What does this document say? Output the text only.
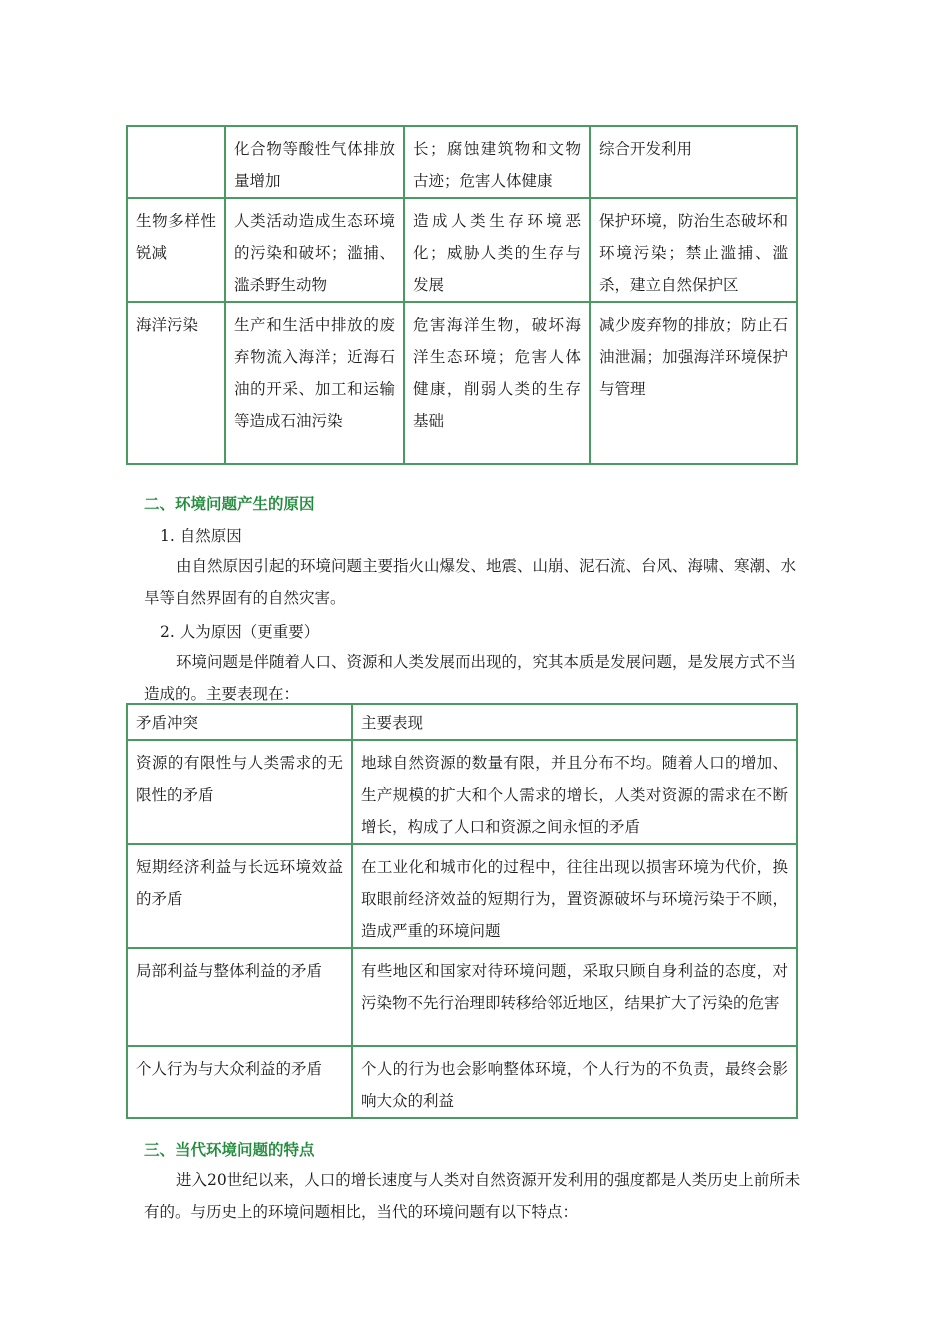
	化合物等酸性气体排放量增加	长；腐蚀建筑物和文物古迹；危害人体健康	综合开发利用
生物多样性锐减	人类活动造成生态环境的污染和破坏；滥捕、滥杀野生动物	造成人类生存环境恶化；威胁人类的生存与发展	保护环境，防治生态破坏和环境污染；禁止滥捕、滥杀，建立自然保护区
海洋污染	生产和生活中排放的废弃物流入海洋；近海石油的开采、加工和运输等造成石油污染	危害海洋生物，破坏海洋生态环境；危害人体健康，削弱人类的生存基础	减少废弃物的排放；防止石油泄漏；加强海洋环境保护与管理
二、环境问题产生的原因
1. 自然原因
由自然原因引起的环境问题主要指火山爆发、地震、山崩、泥石流、台风、海啸、寒潮、水旱等自然界固有的自然灾害。
2. 人为原因（更重要）
环境问题是伴随着人口、资源和人类发展而出现的，究其本质是发展问题，是发展方式不当造成的。主要表现在：
矛盾冲突	主要表现
资源的有限性与人类需求的无限性的矛盾	地球自然资源的数量有限，并且分布不均。随着人口的增加、生产规模的扩大和个人需求的增长，人类对资源的需求在不断增长，构成了人口和资源之间永恒的矛盾
短期经济利益与长远环境效益的矛盾	在工业化和城市化的过程中，往往出现以损害环境为代价，换取眼前经济效益的短期行为，置资源破坏与环境污染于不顾，造成严重的环境问题
局部利益与整体利益的矛盾	有些地区和国家对待环境问题，采取只顾自身利益的态度，对污染物不先行治理即转移给邻近地区，结果扩大了污染的危害
个人行为与大众利益的矛盾	个人的行为也会影响整体环境，个人行为的不负责，最终会影响大众的利益
三、当代环境问题的特点
进入20世纪以来，人口的增长速度与人类对自然资源开发利用的强度都是人类历史上前所未有的。与历史上的环境问题相比，当代的环境问题有以下特点：
